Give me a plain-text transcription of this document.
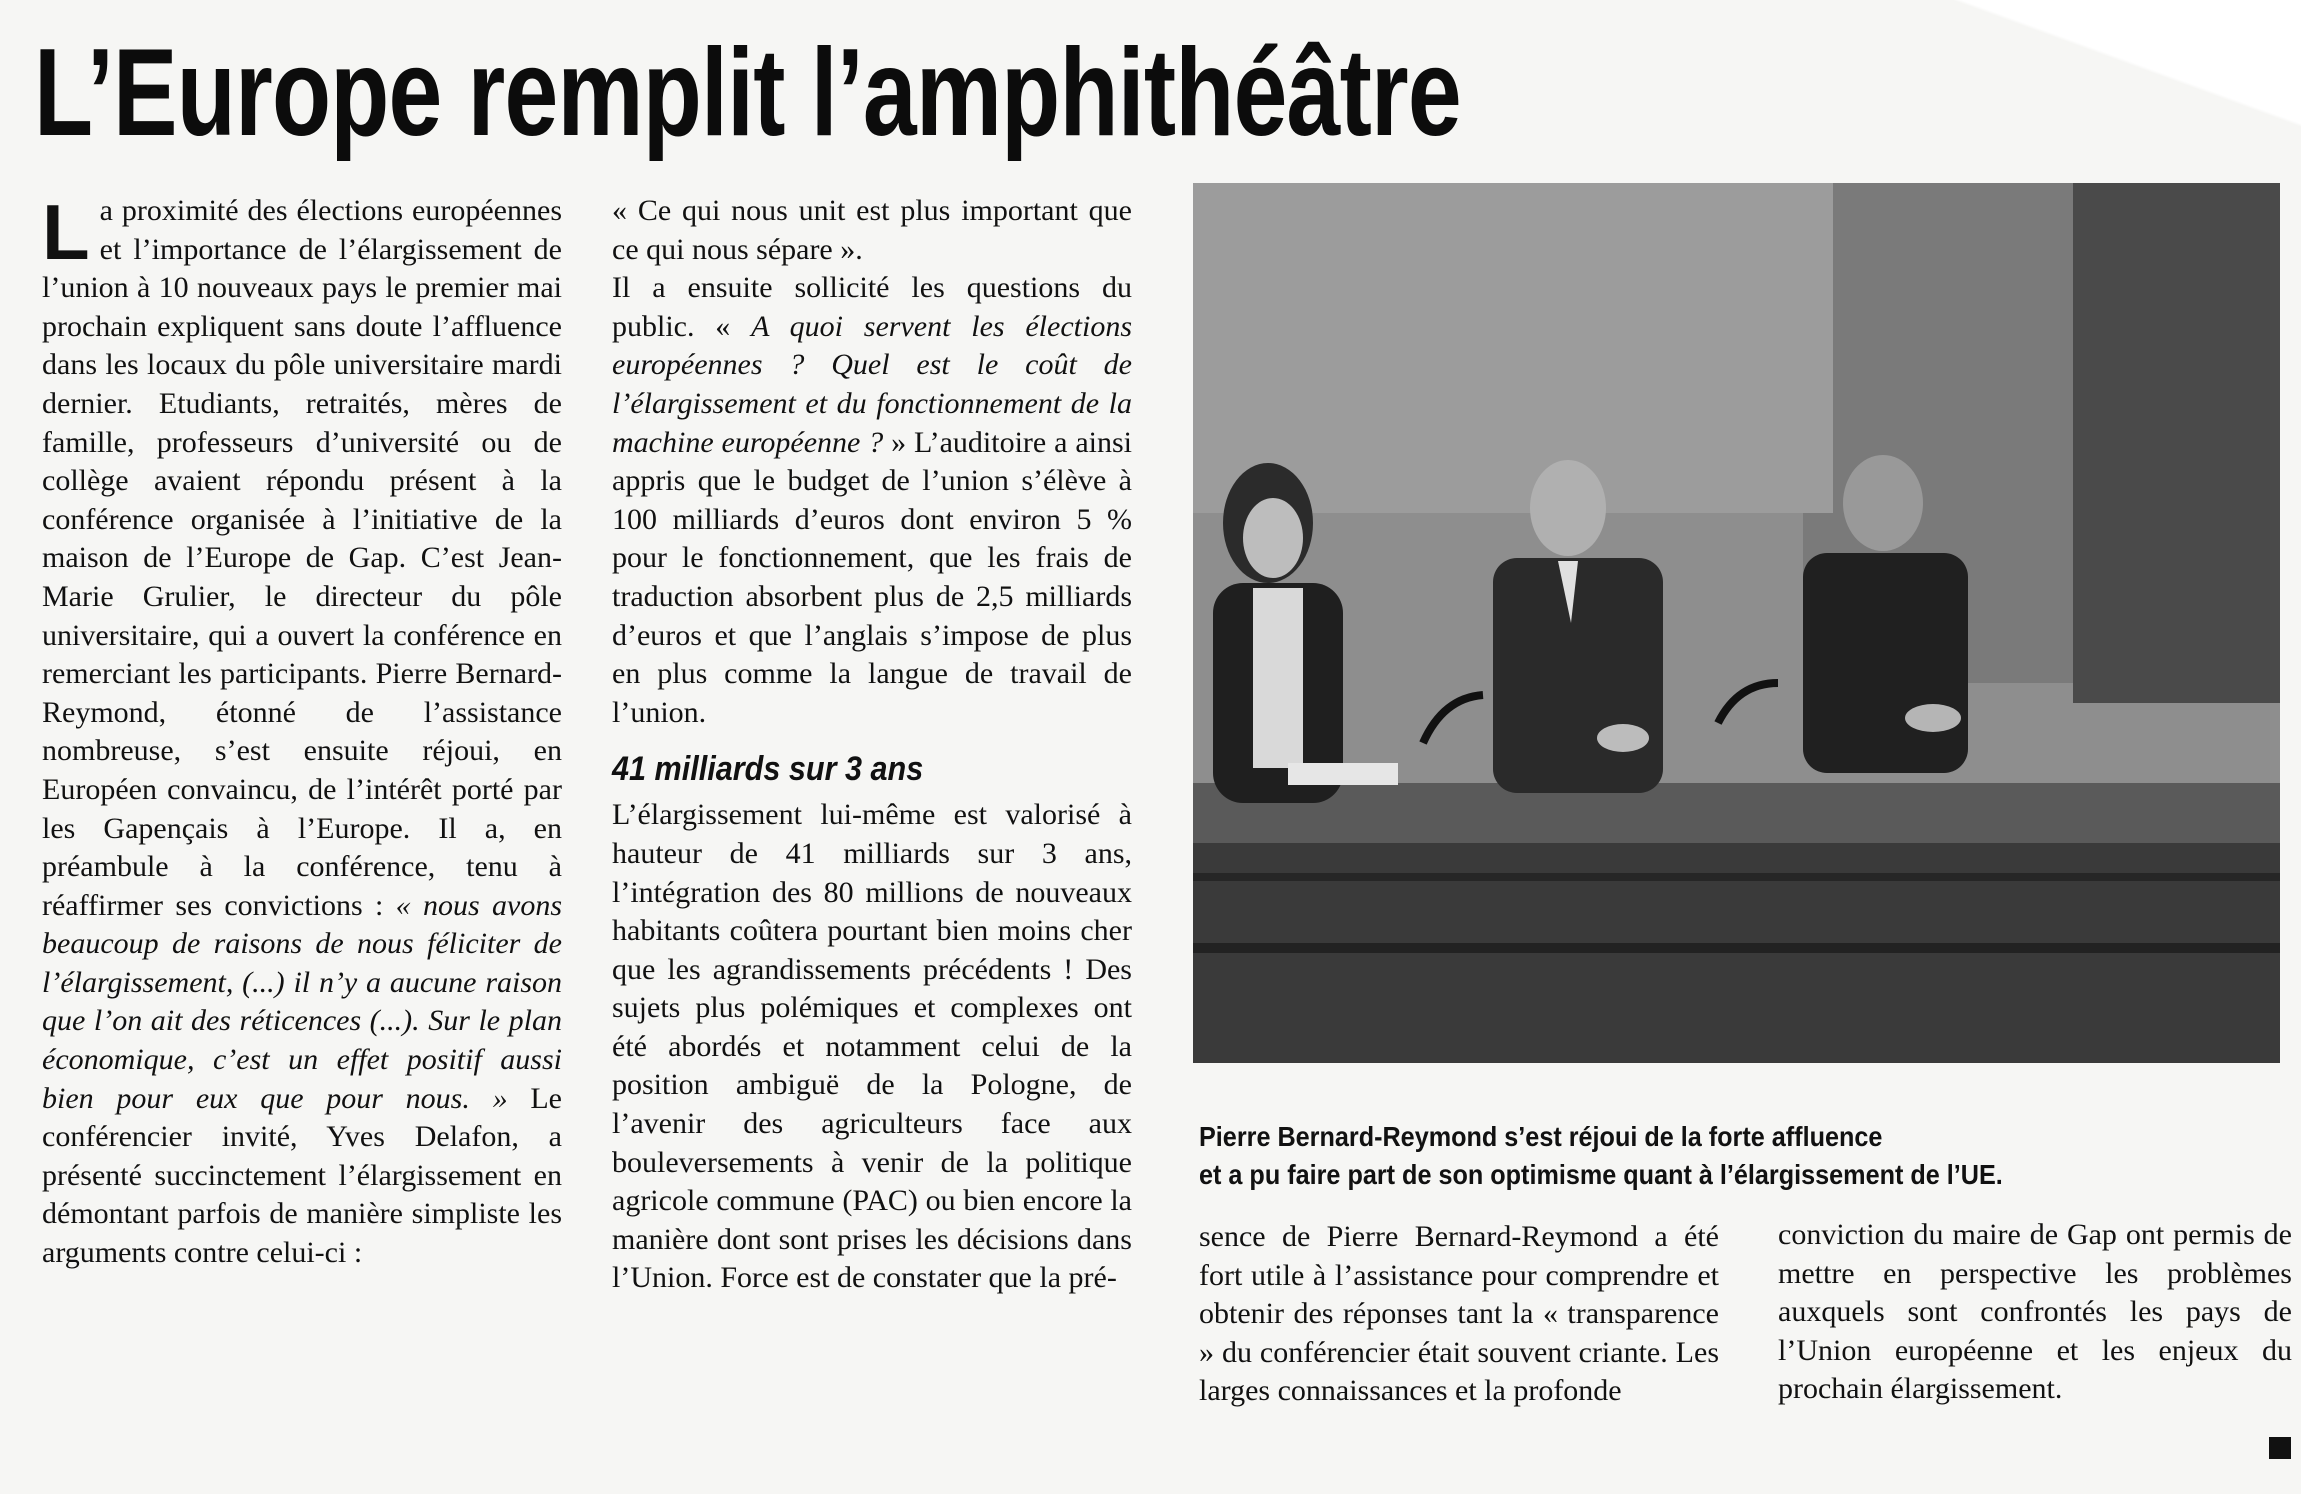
L’Europe remplit l’amphithéâtre

La proximité des élections européennes et l’importance de l’élargissement de l’union à 10 nouveaux pays le premier mai prochain expliquent sans doute l’affluence dans les locaux du pôle universitaire mardi dernier. Etudiants, retraités, mères de famille, professeurs d’université ou de collège avaient répondu présent à la conférence organisée à l’initiative de la maison de l’Europe de Gap. C’est Jean-Marie Grulier, le directeur du pôle universitaire, qui a ouvert la conférence en remerciant les participants. Pierre Bernard-Reymond, étonné de l’assistance nombreuse, s’est ensuite réjoui, en Européen convaincu, de l’intérêt porté par les Gapençais à l’Europe. Il a, en préambule à la conférence, tenu à réaffirmer ses convictions : « nous avons beaucoup de raisons de nous féliciter de l’élargissement, (...) il n’y a aucune raison que l’on ait des réticences (...). Sur le plan économique, c’est un effet positif aussi bien pour eux que pour nous. » Le conférencier invité, Yves Delafon, a présenté succinctement l’élargissement en démontant parfois de manière simpliste les arguments contre celui-ci :

« Ce qui nous unit est plus important que ce qui nous sépare ».

Il a ensuite sollicité les questions du public. « A quoi servent les élections européennes ? Quel est le coût de l’élargissement et du fonctionnement de la machine européenne ? » L’auditoire a ainsi appris que le budget de l’union s’élève à 100 milliards d’euros dont environ 5 % pour le fonctionnement, que les frais de traduction absorbent plus de 2,5 milliards d’euros et que l’anglais s’impose de plus en plus comme la langue de travail de l’union.

41 milliards sur 3 ans

L’élargissement lui-même est valorisé à hauteur de 41 milliards sur 3 ans, l’intégration des 80 millions de nouveaux habitants coûtera pourtant bien moins cher que les agrandissements précédents ! Des sujets plus polémiques et complexes ont été abordés et notamment celui de la position ambiguë de la Pologne, de l’avenir des agriculteurs face aux bouleversements à venir de la politique agricole commune (PAC) ou bien encore la manière dont sont prises les décisions dans l’Union. Force est de constater que la pré-

Pierre Bernard-Reymond s’est réjoui de la forte affluence
et a pu faire part de son optimisme quant à l’élargissement de l’UE.

sence de Pierre Bernard-Reymond a été fort utile à l’assistance pour comprendre et obtenir des réponses tant la « transparence » du conférencier était souvent criante. Les larges connaissances et la profonde

conviction du maire de Gap ont permis de mettre en perspective les problèmes auxquels sont confrontés les pays de l’Union européenne et les enjeux du prochain élargissement.
